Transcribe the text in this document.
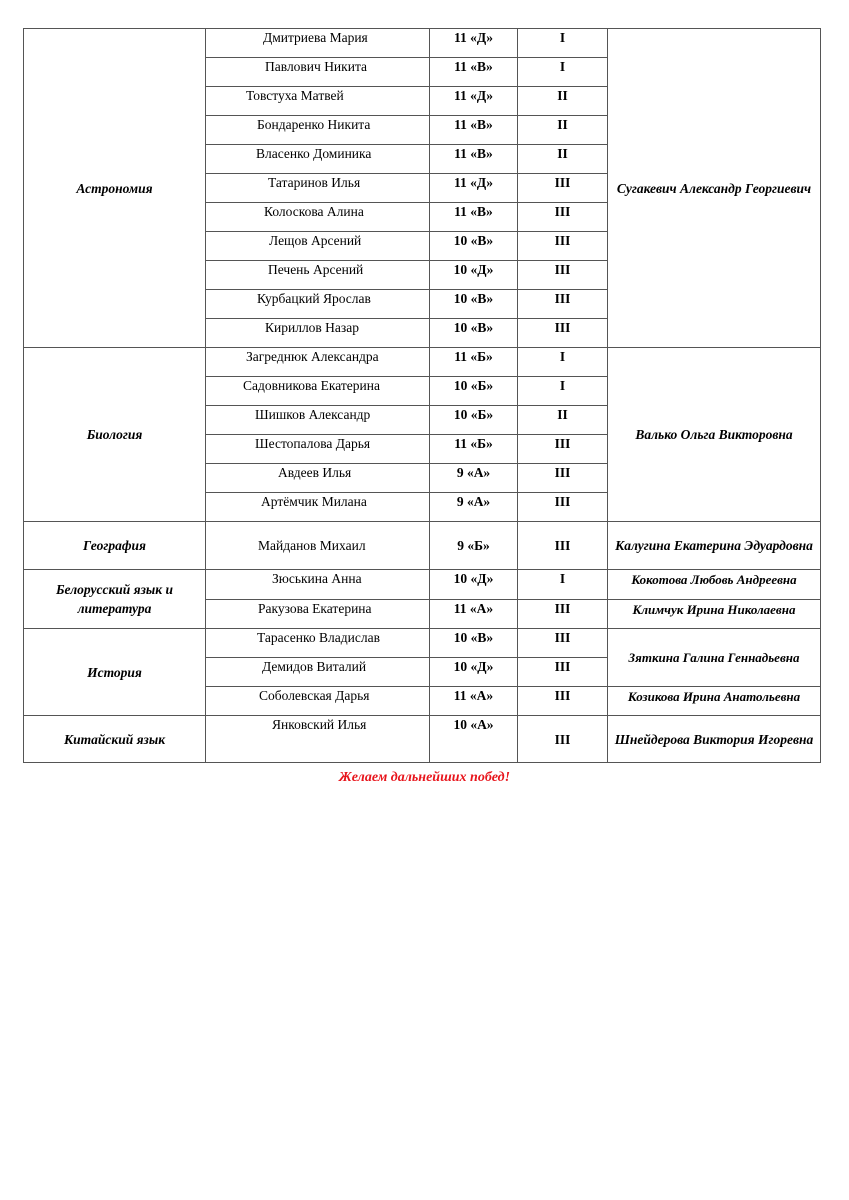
Астрономия	Дмитриева Мария	11 «Д»	I	Сугакевич Александр Георгиевич
	Павлович Никита	11 «В»	I	
	Товстуха Матвей	11 «Д»	II	
	Бондаренко Никита	11 «В»	II	
	Власенко Доминика	11 «В»	II	
	Татаринов Илья	11 «Д»	III	
	Колоскова Алина	11 «В»	III	
	Лещов Арсений	10 «В»	III	
	Печень Арсений	10 «Д»	III	
	Курбацкий Ярослав	10 «В»	III	
	Кириллов Назар	10 «В»	III	
Биология	Загреднюк Александра	11 «Б»	I	Валько Ольга Викторовна
	Садовникова Екатерина	10 «Б»	I	
	Шишков Александр	10 «Б»	II	
	Шестопалова Дарья	11 «Б»	III	
	Авдеев Илья	9 «А»	III	
	Артёмчик Милана	9 «А»	III	
География	Майданов Михаил	9 «Б»	III	Калугина Екатерина Эдуардовна
Белорусский язык и литература	Зюськина Анна	10 «Д»	I	Кокотова Любовь Андреевна
	Ракузова Екатерина	11 «А»	III	Климчук Ирина Николаевна
История	Тарасенко Владислав	10 «В»	III	Зяткина Галина Геннадьевна
	Демидов Виталий	10 «Д»	III	
	Соболевская Дарья	11 «А»	III	Козикова Ирина Анатольевна
Китайский язык	Янковский Илья	10 «А»	III	Шнейдерова Виктория Игоревна
Желаем дальнейших побед!
